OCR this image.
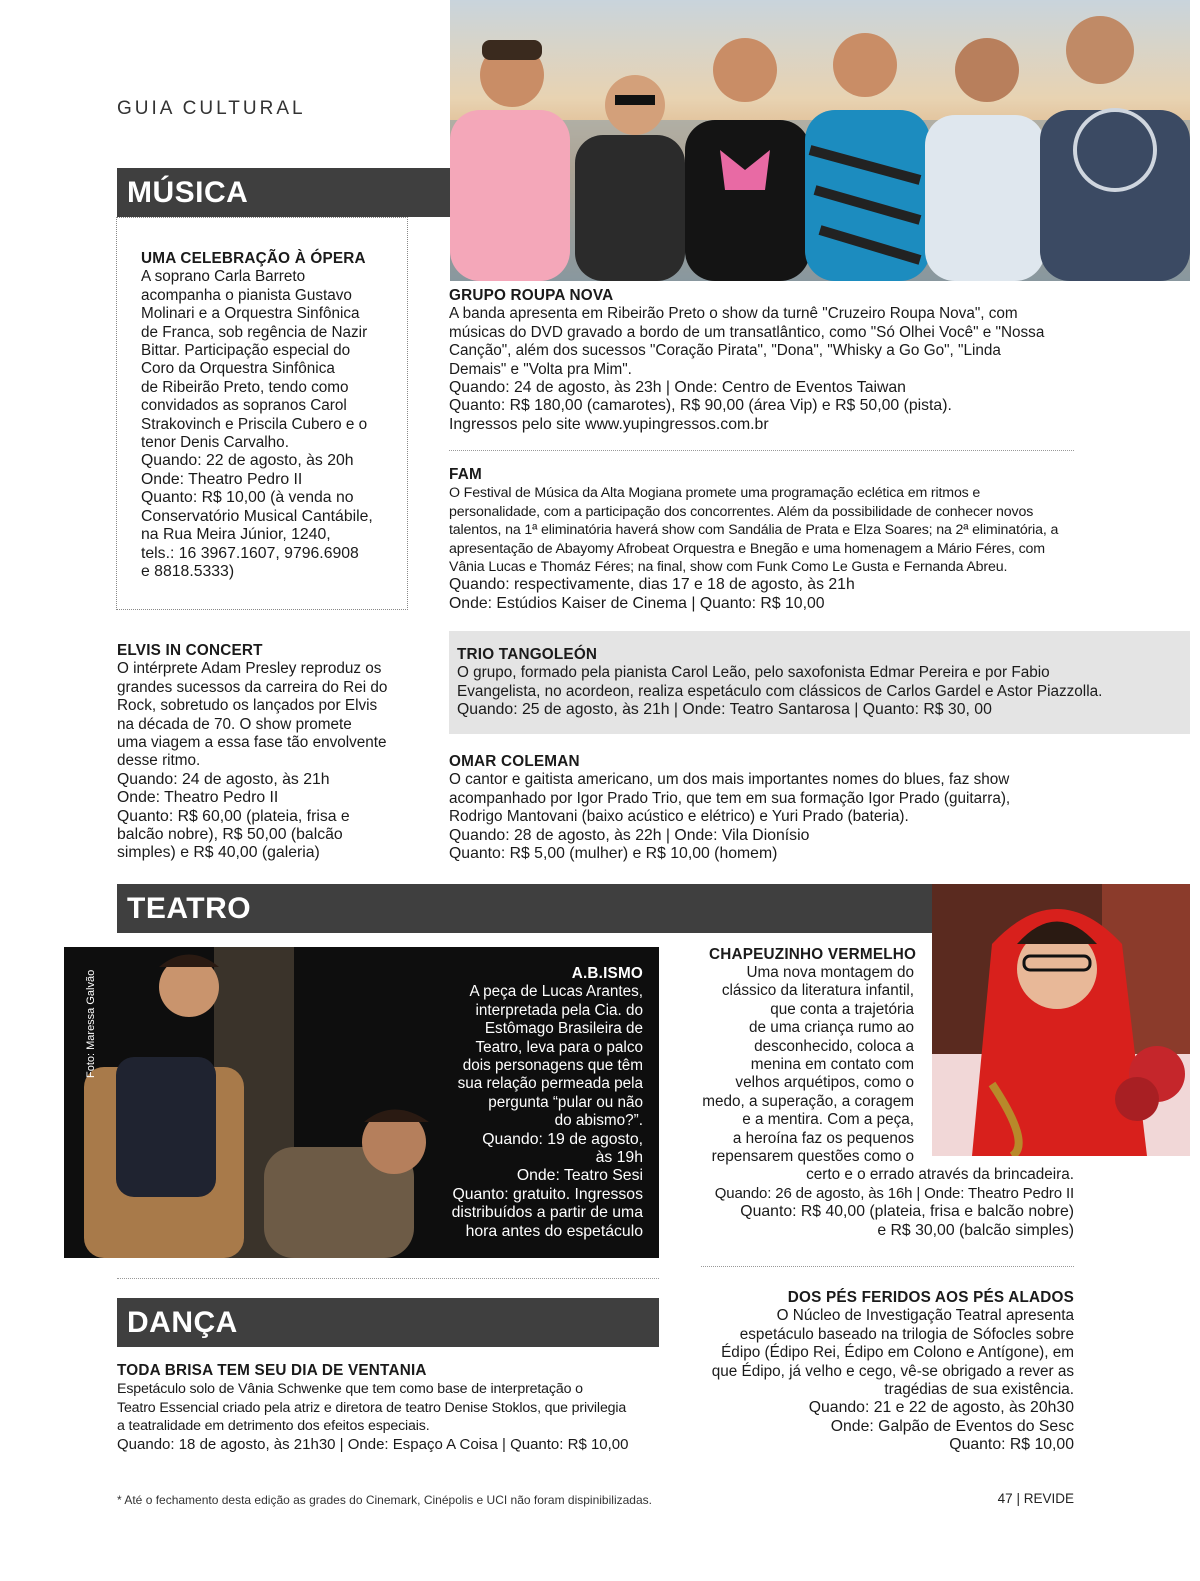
GUIA CULTURAL
MÚSICA
UMA CELEBRAÇÃO À ÓPERA

A soprano Carla Barreto

acompanha o pianista Gustavo

Molinari e a Orquestra Sinfônica

de Franca, sob regência de Nazir

Bittar. Participação especial do

Coro da Orquestra Sinfônica

de Ribeirão Preto, tendo como

convidados as sopranos Carol

Strakovinch e Priscila Cubero e o

tenor Denis Carvalho.

Quando: 22 de agosto, às 20h

Onde: Theatro Pedro II

Quanto: R$ 10,00 (à venda no

Conservatório Musical Cantábile,

na Rua Meira Júnior, 1240,

tels.: 16 3967.1607, 9796.6908

e 8818.5333)

ELVIS IN CONCERT

O intérprete Adam Presley reproduz os

grandes sucessos da carreira do Rei do

Rock, sobretudo os lançados por Elvis

na década de 70. O show promete

uma viagem a essa fase tão envolvente

desse ritmo.

Quando: 24 de agosto, às 21h

Onde: Theatro Pedro II

Quanto: R$ 60,00 (plateia, frisa e

balcão nobre), R$ 50,00 (balcão

simples) e R$ 40,00 (galeria)

GRUPO ROUPA NOVA

A banda apresenta em Ribeirão Preto o show da turnê "Cruzeiro Roupa Nova", com

músicas do DVD gravado a bordo de um transatlântico, como "Só Olhei Você" e "Nossa

Canção", além dos sucessos "Coração Pirata", "Dona", "Whisky a Go Go", "Linda

Demais" e "Volta pra Mim".

Quando: 24 de agosto, às 23h | Onde: Centro de Eventos Taiwan

Quanto: R$ 180,00 (camarotes), R$ 90,00 (área Vip) e R$ 50,00 (pista).

Ingressos pelo site www.yupingressos.com.br

FAM

O Festival de Música da Alta Mogiana promete uma programação eclética em ritmos e

personalidade, com a participação dos concorrentes. Além da possibilidade de conhecer novos

talentos, na 1ª eliminatória haverá show com Sandália de Prata e Elza Soares; na 2ª eliminatória, a

apresentação de Abayomy Afrobeat Orquestra e Bnegão e uma homenagem a Mário Féres, com

Vânia Lucas e Thomáz Féres; na final, show com Funk Como Le Gusta e Fernanda Abreu.

Quando: respectivamente, dias 17 e 18 de agosto, às 21h

Onde: Estúdios Kaiser de Cinema | Quanto: R$ 10,00

TRIO TANGOLEÓN

O grupo, formado pela pianista Carol Leão, pelo saxofonista Edmar Pereira e por Fabio

Evangelista, no acordeon, realiza espetáculo com clássicos de Carlos Gardel e Astor Piazzolla.

Quando: 25 de agosto, às 21h | Onde: Teatro Santarosa | Quanto: R$ 30, 00

OMAR COLEMAN

O cantor e gaitista americano, um dos mais importantes nomes do blues, faz show

acompanhado por Igor Prado Trio, que tem em sua formação Igor Prado (guitarra),

Rodrigo Mantovani (baixo acústico e elétrico) e Yuri Prado (bateria).

Quando: 28 de agosto, às 22h | Onde: Vila Dionísio

Quanto: R$ 5,00 (mulher) e R$ 10,00 (homem)

TEATRO
Foto: Maressa Galvão	A.B.ISMO

A peça de Lucas Arantes,

interpretada pela Cia. do

Estômago Brasileira de

Teatro, leva para o palco

dois personagens que têm

sua relação permeada pela

pergunta “pular ou não

do abismo?”.

Quando: 19 de agosto,

às 19h

Onde: Teatro Sesi

Quanto: gratuito. Ingressos

distribuídos a partir de uma

hora antes do espetáculo

CHAPEUZINHO VERMELHO

Uma nova montagem do

clássico da literatura infantil,

que conta a trajetória

de uma criança rumo ao

desconhecido, coloca a

menina em contato com

velhos arquétipos, como o

medo, a superação, a coragem

e a mentira. Com a peça,

a heroína faz os pequenos

repensarem questões como o

certo e o errado através da brincadeira.

Quando: 26 de agosto, às 16h | Onde: Theatro Pedro II

Quanto: R$ 40,00 (plateia, frisa e balcão nobre)

e R$ 30,00 (balcão simples)

DANÇA
TODA BRISA TEM SEU DIA DE VENTANIA

Espetáculo solo de Vânia Schwenke que tem como base de interpretação o

Teatro Essencial criado pela atriz e diretora de teatro Denise Stoklos, que privilegia

a teatralidade em detrimento dos efeitos especiais.

Quando: 18 de agosto, às 21h30 | Onde: Espaço A Coisa | Quanto: R$ 10,00

DOS PÉS FERIDOS AOS PÉS ALADOS

O Núcleo de Investigação Teatral apresenta

espetáculo baseado na trilogia de Sófocles sobre

Édipo (Édipo Rei, Édipo em Colono e Antígone), em

que Édipo, já velho e cego, vê-se obrigado a rever as

tragédias de sua existência.

Quando: 21 e 22 de agosto, às 20h30

Onde: Galpão de Eventos do Sesc

Quanto: R$ 10,00

* Até o fechamento desta edição as grades do Cinemark, Cinépolis e UCI não foram dispinibilizadas.	47 | REVIDE
